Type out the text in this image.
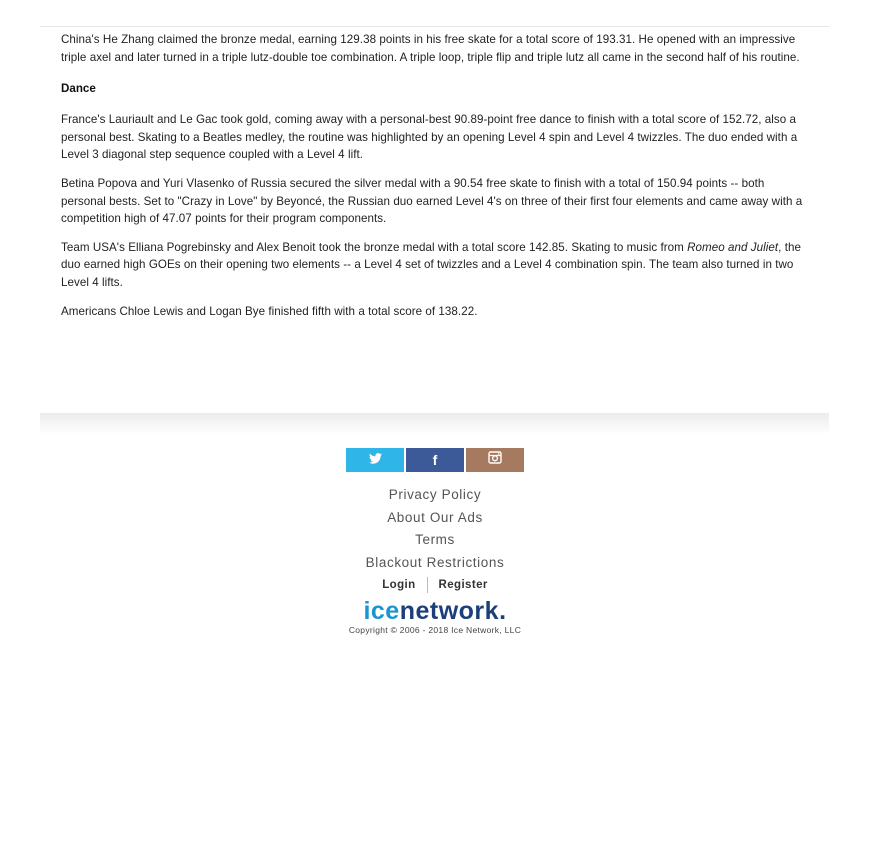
China's He Zhang claimed the bronze medal, earning 129.38 points in his free skate for a total score of 193.31. He opened with an impressive triple axel and later turned in a triple lutz-double toe combination. A triple loop, triple flip and triple lutz all came in the second half of his routine.

Dance

France's Lauriault and Le Gac took gold, coming away with a personal-best 90.89-point free dance to finish with a total score of 152.72, also a personal best. Skating to a Beatles medley, the routine was highlighted by an opening Level 4 spin and Level 4 twizzles. The duo ended with a Level 3 diagonal step sequence coupled with a Level 4 lift.

Betina Popova and Yuri Vlasenko of Russia secured the silver medal with a 90.54 free skate to finish with a total of 150.94 points -- both personal bests. Set to "Crazy in Love" by Beyoncé, the Russian duo earned Level 4's on three of their first four elements and came away with a competition high of 47.07 points for their program components.

Team USA's Elliana Pogrebinsky and Alex Benoit took the bronze medal with a total score 142.85. Skating to music from Romeo and Juliet, the duo earned high GOEs on their opening two elements -- a Level 4 set of twizzles and a Level 4 combination spin. The team also turned in two Level 4 lifts.

Americans Chloe Lewis and Logan Bye finished fifth with a total score of 138.22.

f
Privacy Policy
About Our Ads
Terms
Blackout Restrictions
Login	Register
icenetwork.
Copyright © 2006 - 2018 Ice Network, LLC
